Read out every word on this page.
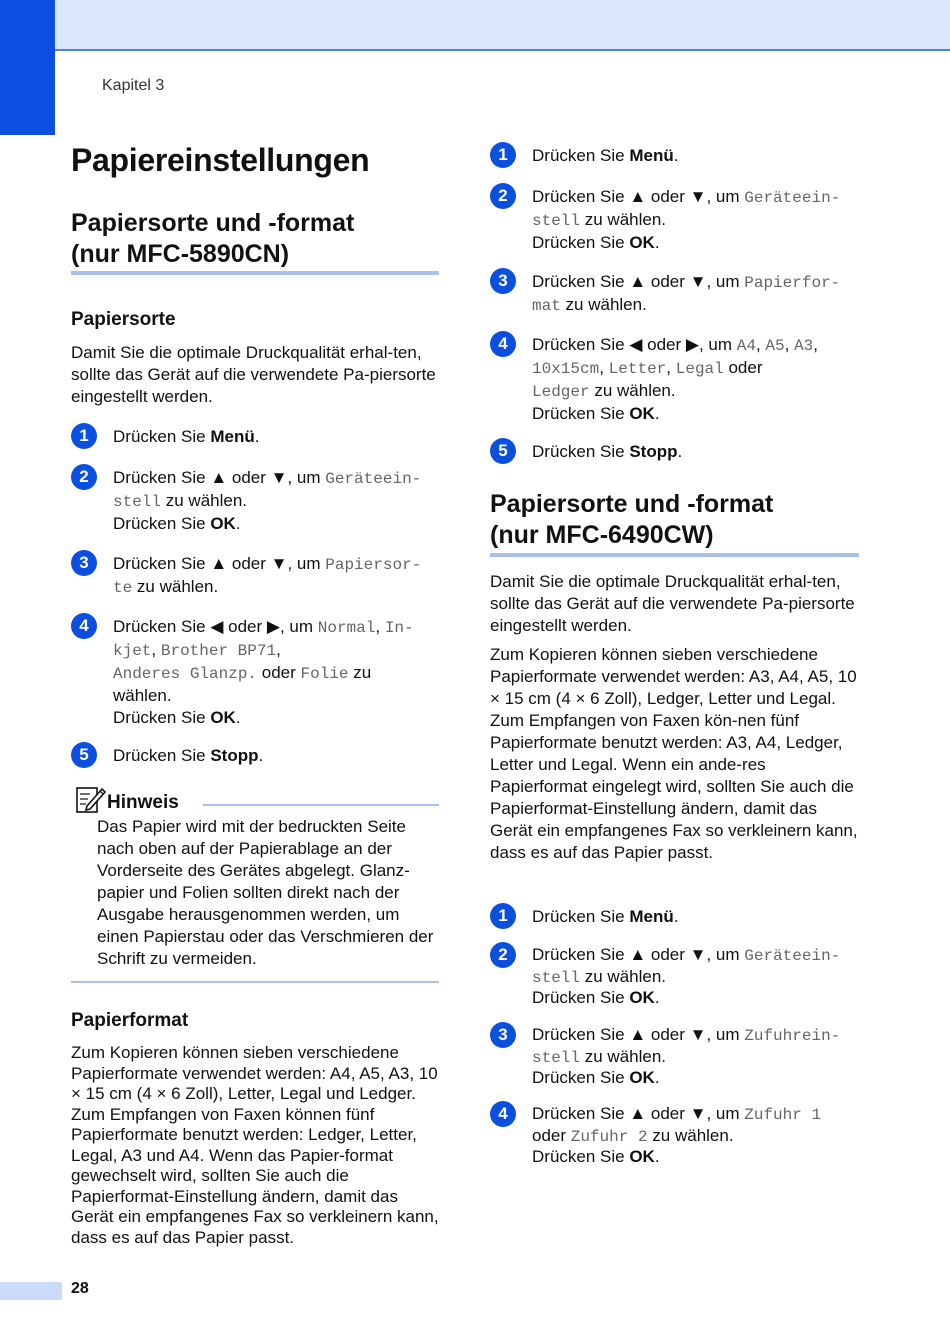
Kapitel 3
Papiereinstellungen
Papiersorte und -format
(nur MFC-5890CN)
Papiersorte

Damit Sie die optimale Druckqualität erhal-ten, sollte das Gerät auf die verwendete Pa-piersorte eingestellt werden.

1	Drücken Sie Menü.
2	Drücken Sie ▲ oder ▼, um Geräteein-
stell zu wählen.
Drücken Sie OK.
3	Drücken Sie ▲ oder ▼, um Papiersor-
te zu wählen.
4	Drücken Sie ◀ oder ▶, um Normal, In-
kjet, Brother BP71,
Anderes Glanzp. oder Folie zu
wählen.
Drücken Sie OK.
5	Drücken Sie Stopp.
Hinweis

Das Papier wird mit der bedruckten Seite nach oben auf der Papierablage an der Vorderseite des Gerätes abgelegt. Glanz-papier und Folien sollten direkt nach der Ausgabe herausgenommen werden, um einen Papierstau oder das Verschmieren der Schrift zu vermeiden.

Papierformat

Zum Kopieren können sieben verschiedene Papierformate verwendet werden: A4, A5, A3, 10 × 15 cm (4 × 6 Zoll), Letter, Legal und Ledger. Zum Empfangen von Faxen können fünf Papierformate benutzt werden: Ledger, Letter, Legal, A3 und A4. Wenn das Papier-format gewechselt wird, sollten Sie auch die Papierformat-Einstellung ändern, damit das Gerät ein empfangenes Fax so verkleinern kann, dass es auf das Papier passt.

1	Drücken Sie Menü.
2	Drücken Sie ▲ oder ▼, um Geräteein-
stell zu wählen.
Drücken Sie OK.
3	Drücken Sie ▲ oder ▼, um Papierfor-
mat zu wählen.
4	Drücken Sie ◀ oder ▶, um A4, A5, A3,
10x15cm, Letter, Legal oder
Ledger zu wählen.
Drücken Sie OK.
5	Drücken Sie Stopp.
Papiersorte und -format
(nur MFC-6490CW)

Damit Sie die optimale Druckqualität erhal-ten, sollte das Gerät auf die verwendete Pa-piersorte eingestellt werden.

Zum Kopieren können sieben verschiedene Papierformate verwendet werden: A3, A4, A5, 10 × 15 cm (4 × 6 Zoll), Ledger, Letter und Legal. Zum Empfangen von Faxen kön-nen fünf Papierformate benutzt werden: A3, A4, Ledger, Letter und Legal. Wenn ein ande-res Papierformat eingelegt wird, sollten Sie auch die Papierformat-Einstellung ändern, damit das Gerät ein empfangenes Fax so verkleinern kann, dass es auf das Papier passt.

1	Drücken Sie Menü.
2	Drücken Sie ▲ oder ▼, um Geräteein-
stell zu wählen.
Drücken Sie OK.
3	Drücken Sie ▲ oder ▼, um Zufuhrein-
stell zu wählen.
Drücken Sie OK.
4	Drücken Sie ▲ oder ▼, um Zufuhr 1
oder Zufuhr 2 zu wählen.
Drücken Sie OK.
28
